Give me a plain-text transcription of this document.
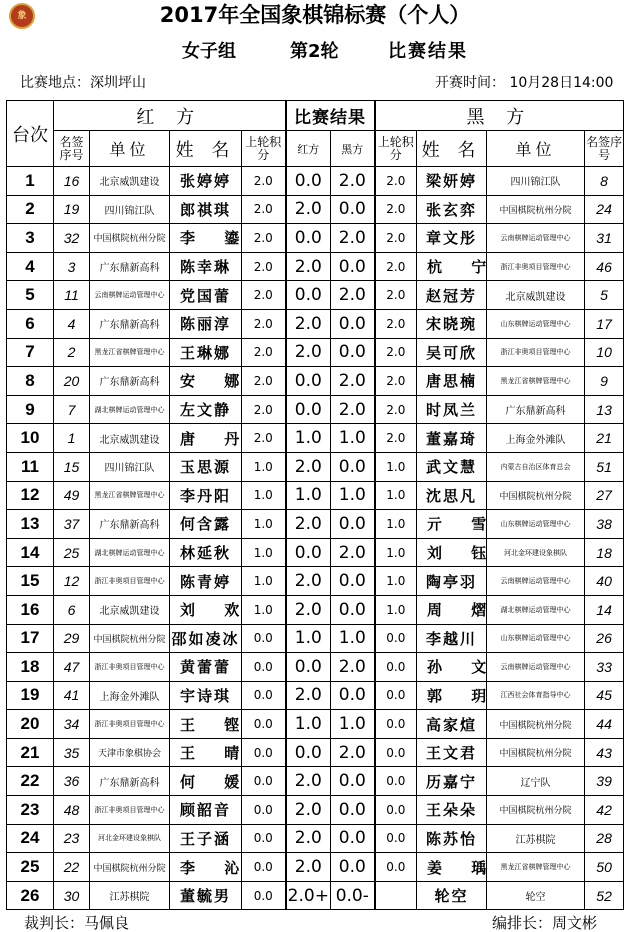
象	2017年全国象棋锦标赛（个人）
女子组	第2轮	比赛结果
比赛地点：深圳坪山	开赛时间： 10月28日14:00
台次	红 方				比赛结果		黑 方			
	名签序号	单位	姓 名	上轮积分	红方	黑方	上轮积分	姓 名	单位	名签序号
1	16	北京威凯建设	张婷婷	2.0	0.0	2.0	2.0	梁妍婷	四川锦江队	8
2	19	四川锦江队	郎祺琪	2.0	2.0	0.0	2.0	张玄弈	中国棋院杭州分院	24
3	32	中国棋院杭州分院	李 鎏	2.0	0.0	2.0	2.0	章文彤	云南棋牌运动管理中心	31
4	3	广东鼎新高科	陈幸琳	2.0	2.0	0.0	2.0	杭 宁	浙江非奥项目管理中心	46
5	11	云南棋牌运动管理中心	党国蕾	2.0	0.0	2.0	2.0	赵冠芳	北京威凯建设	5
6	4	广东鼎新高科	陈丽淳	2.0	2.0	0.0	2.0	宋晓琬	山东棋牌运动管理中心	17
7	2	黑龙江省棋牌管理中心	王琳娜	2.0	2.0	0.0	2.0	吴可欣	浙江非奥项目管理中心	10
8	20	广东鼎新高科	安 娜	2.0	0.0	2.0	2.0	唐思楠	黑龙江省棋牌管理中心	9
9	7	湖北棋牌运动管理中心	左文静	2.0	0.0	2.0	2.0	时凤兰	广东鼎新高科	13
10	1	北京威凯建设	唐 丹	2.0	1.0	1.0	2.0	董嘉琦	上海金外滩队	21
11	15	四川锦江队	玉思源	1.0	2.0	0.0	1.0	武文慧	内蒙古自治区体育总会	51
12	49	黑龙江省棋牌管理中心	李丹阳	1.0	1.0	1.0	1.0	沈思凡	中国棋院杭州分院	27
13	37	广东鼎新高科	何含露	1.0	2.0	0.0	1.0	亓 雪	山东棋牌运动管理中心	38
14	25	湖北棋牌运动管理中心	林延秋	1.0	0.0	2.0	1.0	刘 钰	河北金环建设象棋队	18
15	12	浙江非奥项目管理中心	陈青婷	1.0	2.0	0.0	1.0	陶亭羽	云南棋牌运动管理中心	40
16	6	北京威凯建设	刘 欢	1.0	2.0	0.0	1.0	周 熠	湖北棋牌运动管理中心	14
17	29	中国棋院杭州分院	邵如凌冰	0.0	1.0	1.0	0.0	李越川	山东棋牌运动管理中心	26
18	47	浙江非奥项目管理中心	黄蕾蕾	0.0	0.0	2.0	0.0	孙 文	云南棋牌运动管理中心	33
19	41	上海金外滩队	宇诗琪	0.0	2.0	0.0	0.0	郭 玥	江西社会体育指导中心	45
20	34	浙江非奥项目管理中心	王 铿	0.0	1.0	1.0	0.0	高家煊	中国棋院杭州分院	44
21	35	天津市象棋协会	王 晴	0.0	0.0	2.0	0.0	王文君	中国棋院杭州分院	43
22	36	广东鼎新高科	何 媛	0.0	2.0	0.0	0.0	历嘉宁	辽宁队	39
23	48	浙江非奥项目管理中心	顾韶音	0.0	2.0	0.0	0.0	王朵朵	中国棋院杭州分院	42
24	23	河北金环建设象棋队	王子涵	0.0	2.0	0.0	0.0	陈苏怡	江苏棋院	28
25	22	中国棋院杭州分院	李 沁	0.0	2.0	0.0	0.0	姜 瑀	黑龙江省棋牌管理中心	50
26	30	江苏棋院	董毓男	0.0	2.0+	0.0-		轮空	轮空	52
裁判长：马佩良	编排长：周文彬
